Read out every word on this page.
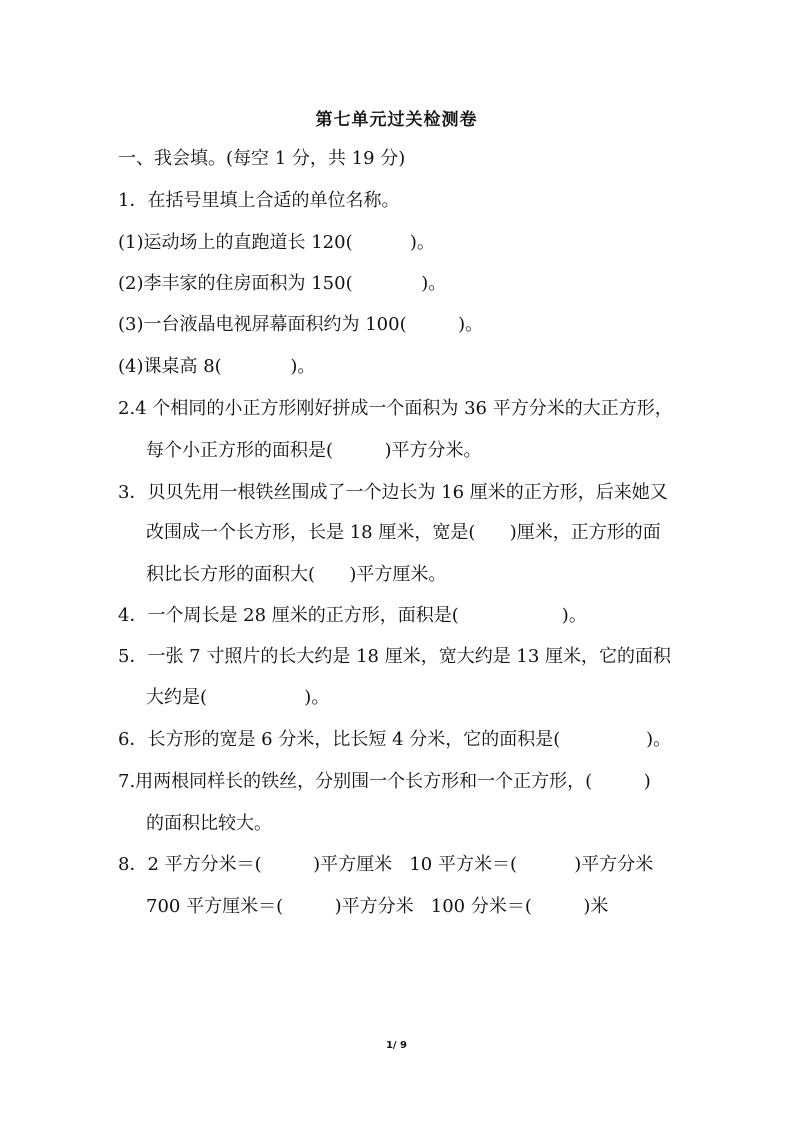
第七单元过关检测卷
一、我会填。(每空 1 分，共 19 分)
1．在括号里填上合适的单位名称。
(1)运动场上的直跑道长 120(          )。
(2)李丰家的住房面积为 150(            )。
(3)一台液晶电视屏幕面积约为 100(         )。
(4)课桌高 8(            )。
2.4 个相同的小正方形刚好拼成一个面积为 36 平方分米的大正方形，
每个小正方形的面积是(         )平方分米。
3．贝贝先用一根铁丝围成了一个边长为 16 厘米的正方形，后来她又
改围成一个长方形，长是 18 厘米，宽是(      )厘米，正方形的面
积比长方形的面积大(      )平方厘米。
4．一个周长是 28 厘米的正方形，面积是(                  )。
5．一张 7 寸照片的长大约是 18 厘米，宽大约是 13 厘米，它的面积
大约是(                 )。
6．长方形的宽是 6 分米，比长短 4 分米，它的面积是(               )。
7.用两根同样长的铁丝，分别围一个长方形和一个正方形，(         )
的面积比较大。
8．2 平方分米＝(         )平方厘米   10 平方米＝(          )平方分米
700 平方厘米＝(         )平方分米   100 分米＝(         )米
1/ 9
